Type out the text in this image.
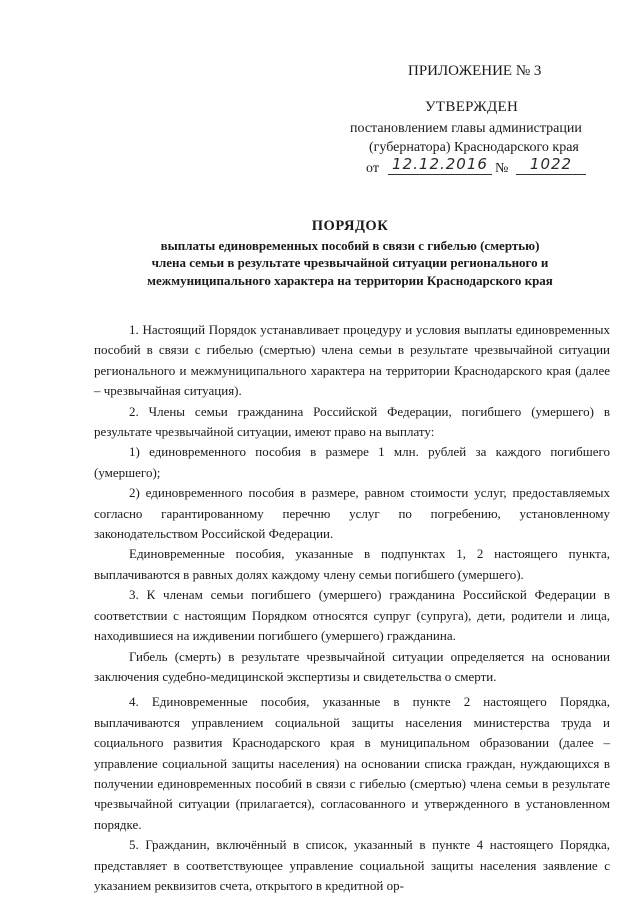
ПРИЛОЖЕНИЕ № 3
УТВЕРЖДЕН
постановлением главы администрации
(губернатора) Краснодарского края
от 12.12.2016 №	1022
ПОРЯДОК
выплаты единовременных пособий в связи с гибелью (смертью)
члена семьи в результате чрезвычайной ситуации регионального и
межмуниципального характера на территории Краснодарского края

1. Настоящий Порядок устанавливает процедуру и условия выплаты единовременных пособий в связи с гибелью (смертью) члена семьи в результате чрезвычайной ситуации регионального и межмуниципального характера на территории Краснодарского края (далее – чрезвычайная ситуация).

2. Члены семьи гражданина Российской Федерации, погибшего (умершего) в результате чрезвычайной ситуации, имеют право на выплату:

1) единовременного пособия в размере 1 млн. рублей за каждого погибшего (умершего);

2) единовременного пособия в размере, равном стоимости услуг, предоставляемых согласно гарантированному перечню услуг по погребению, установленному законодательством Российской Федерации.

Единовременные пособия, указанные в подпунктах 1, 2 настоящего пункта, выплачиваются в равных долях каждому члену семьи погибшего (умершего).

3. К членам семьи погибшего (умершего) гражданина Российской Федерации в соответствии с настоящим Порядком относятся супруг (супруга), дети, родители и лица, находившиеся на иждивении погибшего (умершего) гражданина.

Гибель (смерть) в результате чрезвычайной ситуации определяется на основании заключения судебно-медицинской экспертизы и свидетельства о смерти.

4. Единовременные пособия, указанные в пункте 2 настоящего Порядка, выплачиваются управлением социальной защиты населения министерства труда и социального развития Краснодарского края в муниципальном образовании (далее – управление социальной защиты населения) на основании списка граждан, нуждающихся в получении единовременных пособий в связи с гибелью (смертью) члена семьи в результате чрезвычайной ситуации (прилагается), согласованного и утвержденного в установленном порядке.

5. Гражданин, включённый в список, указанный в пункте 4 настоящего Порядка, представляет в соответствующее управление социальной защиты населения заявление с указанием реквизитов счета, открытого в кредитной ор-
